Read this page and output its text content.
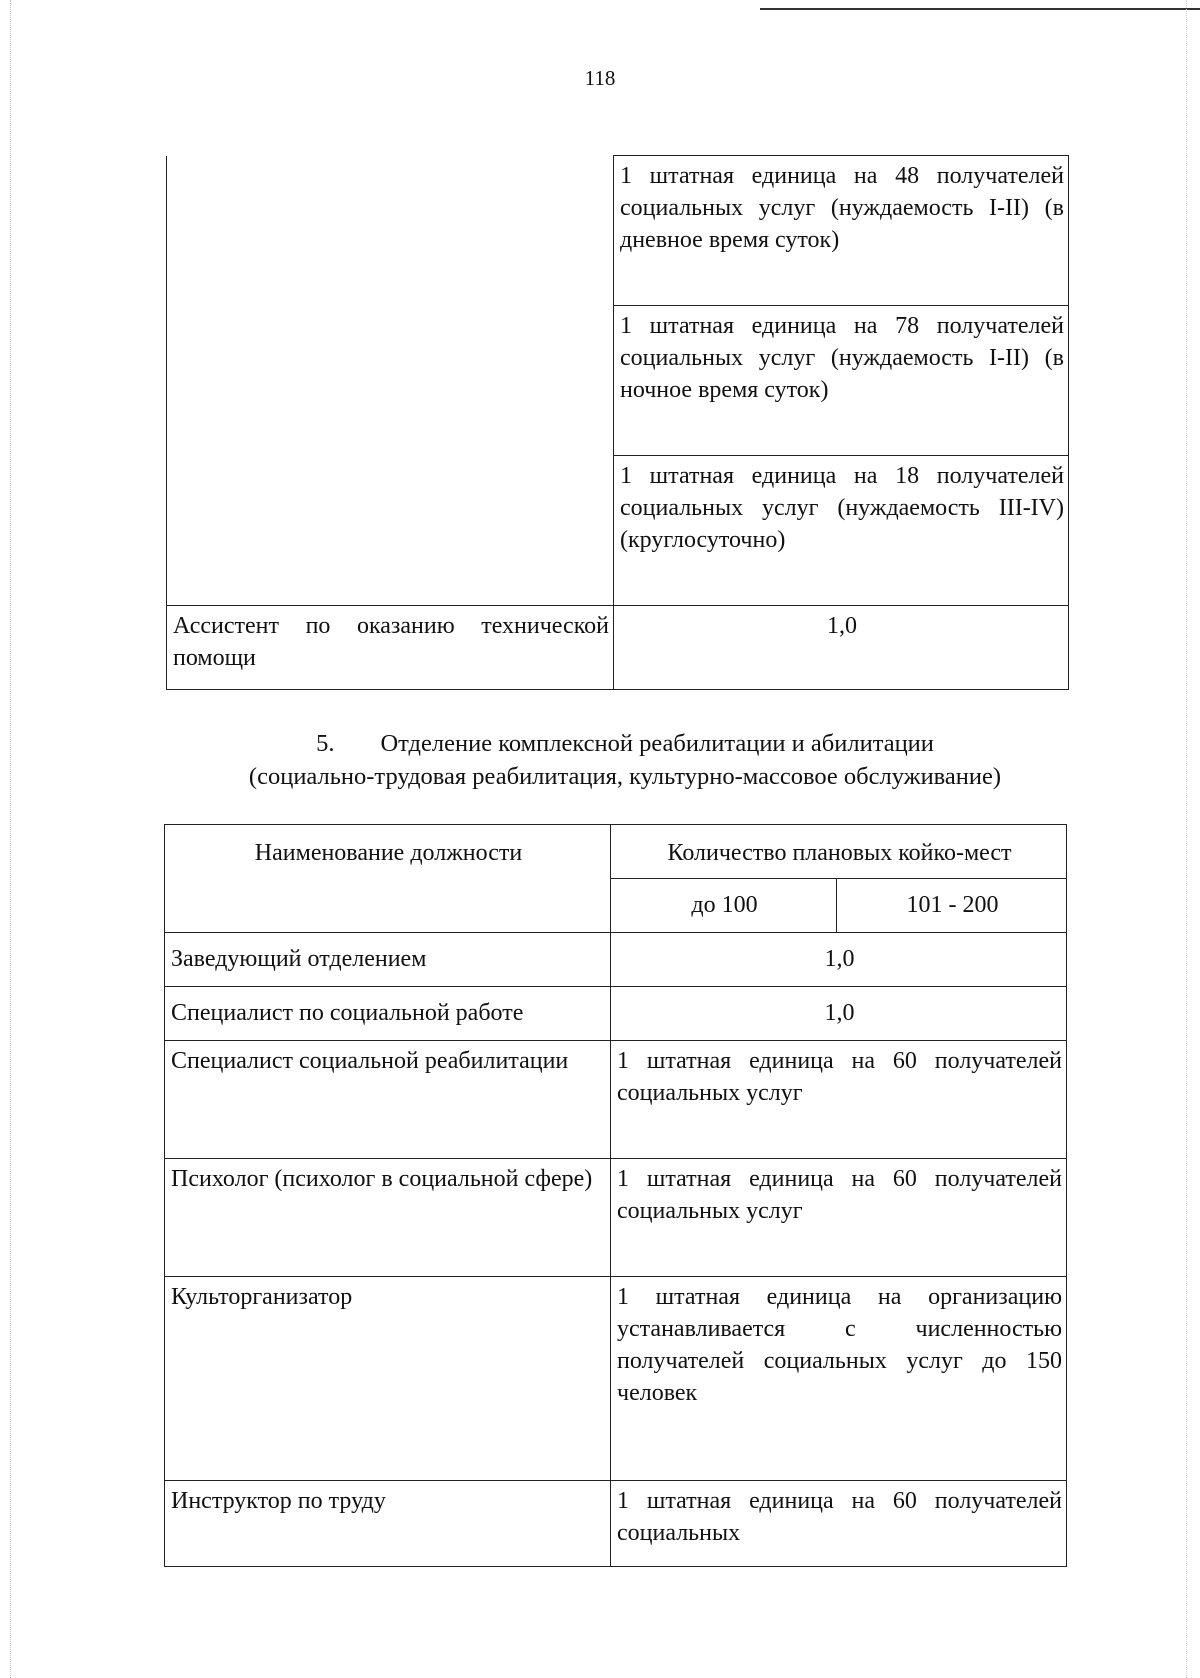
118
	1 штатная единица на 48 получателей социальных услуг (нуждаемость I-II) (в дневное время суток)
	1 штатная единица на 78 получателей социальных услуг (нуждаемость I-II) (в ночное время суток)
	1 штатная единица на 18 получателей социальных услуг (нуждаемость III-IV) (круглосуточно)
Ассистент по оказанию технической помощи	1,0
5. Отделение комплексной реабилитации и абилитации
(социально-трудовая реабилитация, культурно-массовое обслуживание)
Наименование должности	Количество плановых койко-мест	
	до 100	101 - 200
Заведующий отделением	1,0	
Специалист по социальной работе	1,0	
Специалист социальной реабилитации	1 штатная единица на 60 получателей социальных услуг	
Психолог (психолог в социальной сфере)	1 штатная единица на 60 получателей социальных услуг	
Культорганизатор	1 штатная единица на организацию устанавливается с численностью получателей социальных услуг до 150 человек	
Инструктор по труду	1 штатная единица на 60 получателей социальных	
